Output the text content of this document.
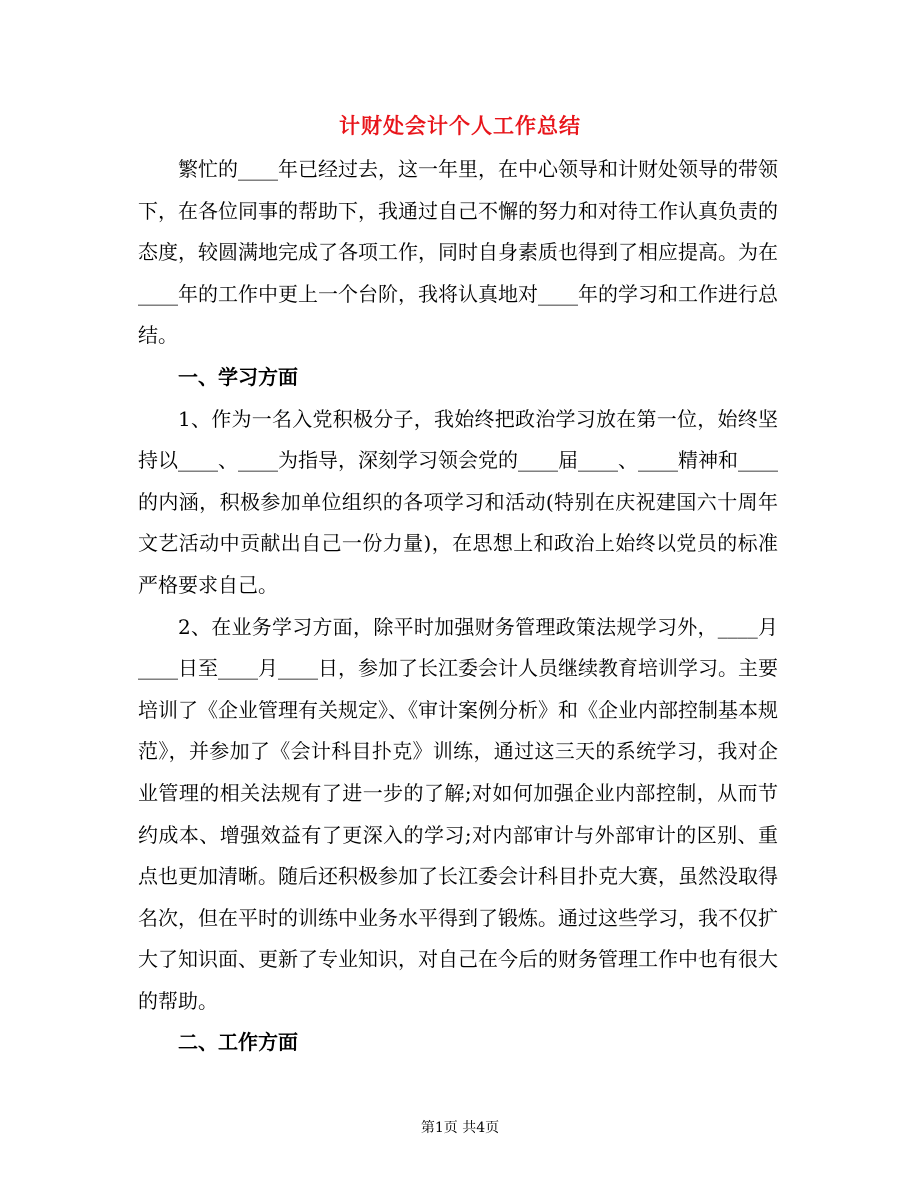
计财处会计个人工作总结

繁忙的____年已经过去，这一年里，在中心领导和计财处领导的带领下，在各位同事的帮助下，我通过自己不懈的努力和对待工作认真负责的态度，较圆满地完成了各项工作，同时自身素质也得到了相应提高。为在____年的工作中更上一个台阶，我将认真地对____年的学习和工作进行总结。

一、学习方面

1、作为一名入党积极分子，我始终把政治学习放在第一位，始终坚持以____、____为指导，深刻学习领会党的____届____、____精神和____的内涵，积极参加单位组织的各项学习和活动(特别在庆祝建国六十周年文艺活动中贡献出自己一份力量)，在思想上和政治上始终以党员的标准严格要求自己。

2、在业务学习方面，除平时加强财务管理政策法规学习外，____月____日至____月____日，参加了长江委会计人员继续教育培训学习。主要培训了《企业管理有关规定》、《审计案例分析》和《企业内部控制基本规范》，并参加了《会计科目扑克》训练，通过这三天的系统学习，我对企业管理的相关法规有了进一步的了解;对如何加强企业内部控制，从而节约成本、增强效益有了更深入的学习;对内部审计与外部审计的区别、重点也更加清晰。随后还积极参加了长江委会计科目扑克大赛，虽然没取得名次，但在平时的训练中业务水平得到了锻炼。通过这些学习，我不仅扩大了知识面、更新了专业知识，对自己在今后的财务管理工作中也有很大的帮助。

二、工作方面

第1页 共4页
